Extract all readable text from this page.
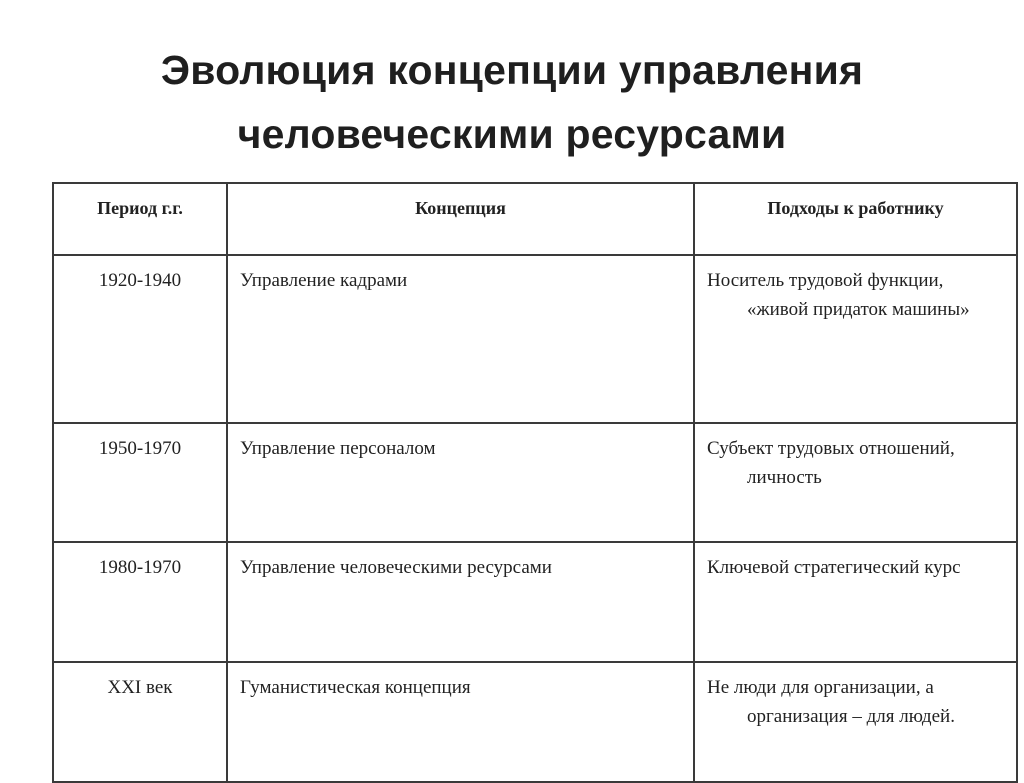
Эволюция концепции управления
человеческими ресурсами
Период г.г.	Концепция	Подходы к работнику
1920-1940	Управление кадрами	Носитель трудовой функции, «живой придаток машины»

1950-1970	Управление персоналом	Субъект трудовых отношений, личность

1980-1970	Управление человеческими ресурсами	Ключевой стратегический курс

XXI век	Гуманистическая концепция	Не люди для организации, а организация – для людей.
